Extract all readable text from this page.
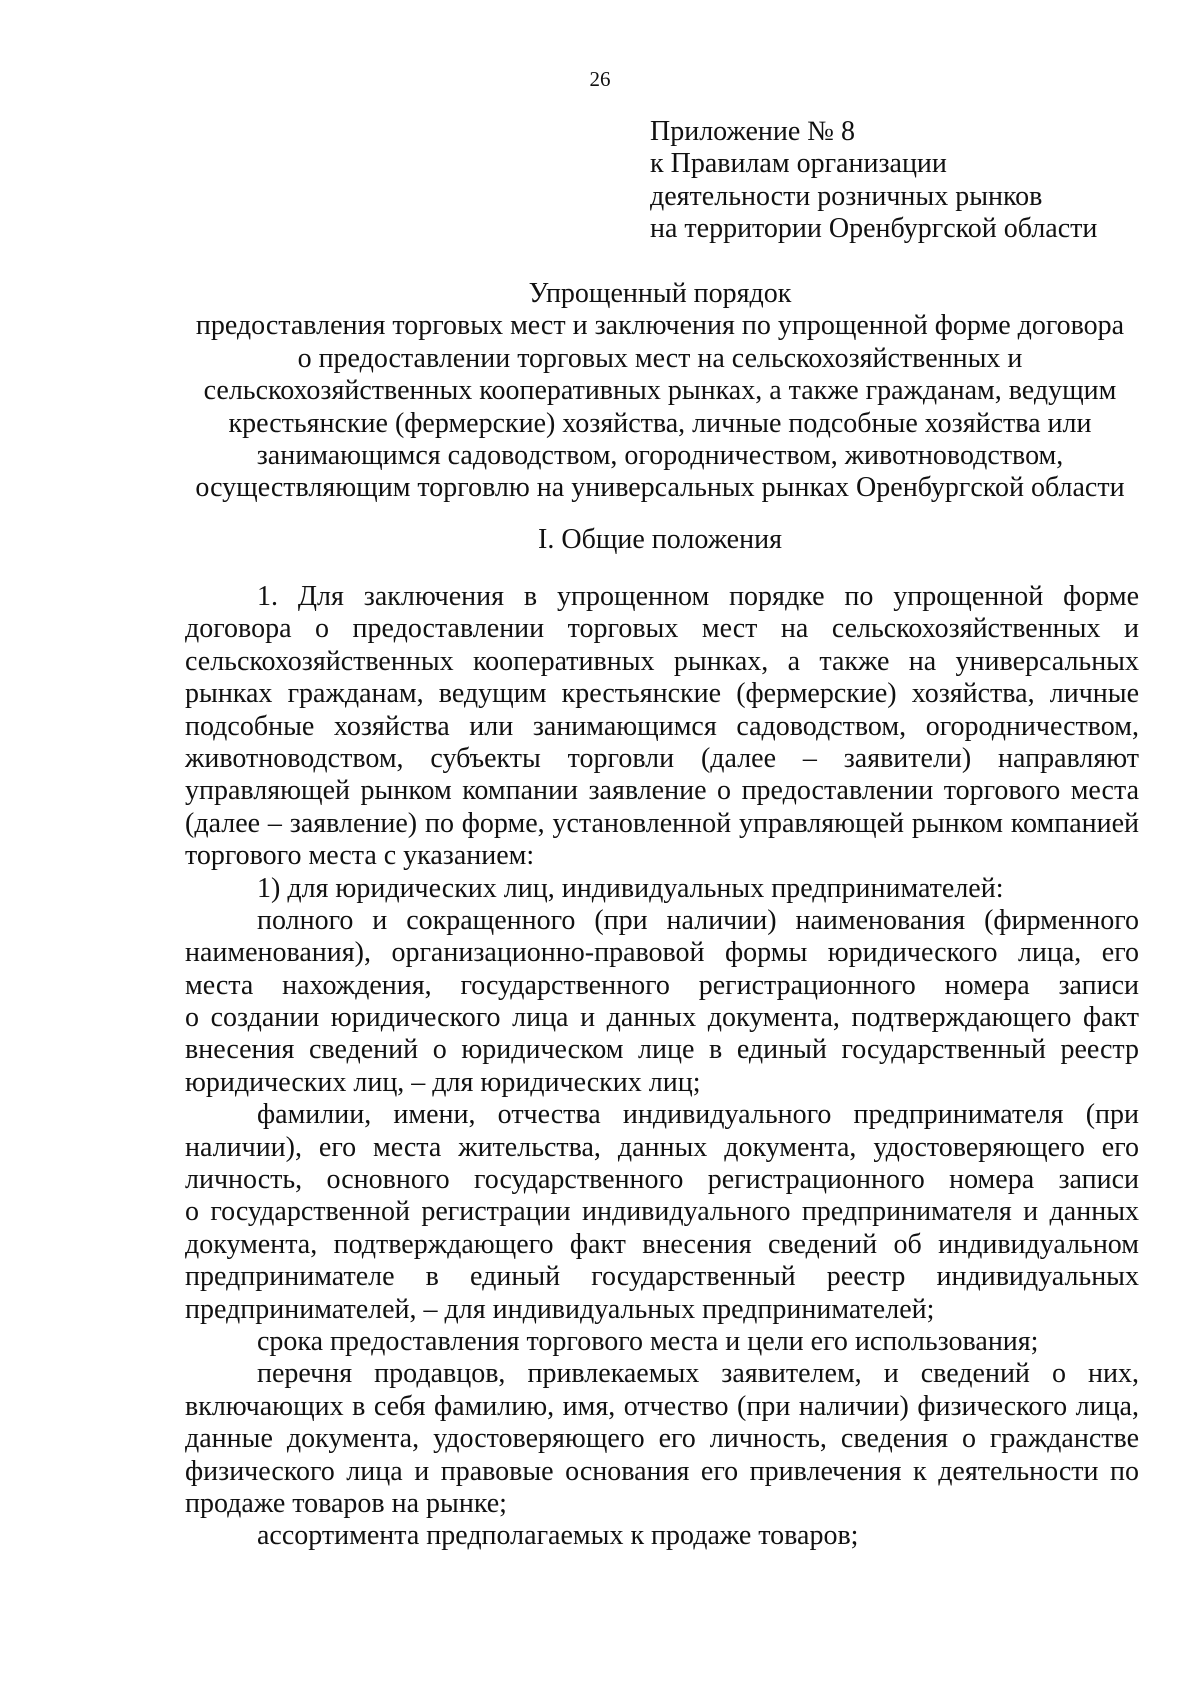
26
Приложение № 8
к Правилам организации
деятельности розничных рынков
на территории Оренбургской области
Упрощенный порядок
предоставления торговых мест и заключения по упрощенной форме договора
о предоставлении торговых мест на сельскохозяйственных и
сельскохозяйственных кооперативных рынках, а также гражданам, ведущим
крестьянские (фермерские) хозяйства, личные подсобные хозяйства или
занимающимся садоводством, огородничеством, животноводством,
осуществляющим торговлю на универсальных рынках Оренбургской области
I. Общие положения
1. Для заключения в упрощенном порядке по упрощенной форме
договора о предоставлении торговых мест на сельскохозяйственных и
сельскохозяйственных кооперативных рынках, а также на универсальных
рынках гражданам, ведущим крестьянские (фермерские) хозяйства, личные
подсобные хозяйства или занимающимся садоводством, огородничеством,
животноводством, субъекты торговли (далее – заявители) направляют
управляющей рынком компании заявление о предоставлении торгового места
(далее – заявление) по форме, установленной управляющей рынком компанией
торгового места с указанием:
1) для юридических лиц, индивидуальных предпринимателей:
полного и сокращенного (при наличии) наименования (фирменного
наименования), организационно-правовой формы юридического лица, его
места нахождения, государственного регистрационного номера записи
о создании юридического лица и данных документа, подтверждающего факт
внесения сведений о юридическом лице в единый государственный реестр
юридических лиц, – для юридических лиц;
фамилии, имени, отчества индивидуального предпринимателя (при
наличии), его места жительства, данных документа, удостоверяющего его
личность, основного государственного регистрационного номера записи
о государственной регистрации индивидуального предпринимателя и данных
документа, подтверждающего факт внесения сведений об индивидуальном
предпринимателе в единый государственный реестр индивидуальных
предпринимателей, – для индивидуальных предпринимателей;
срока предоставления торгового места и цели его использования;
перечня продавцов, привлекаемых заявителем, и сведений о них,
включающих в себя фамилию, имя, отчество (при наличии) физического лица,
данные документа, удостоверяющего его личность, сведения о гражданстве
физического лица и правовые основания его привлечения к деятельности по
продаже товаров на рынке;
ассортимента предполагаемых к продаже товаров;
